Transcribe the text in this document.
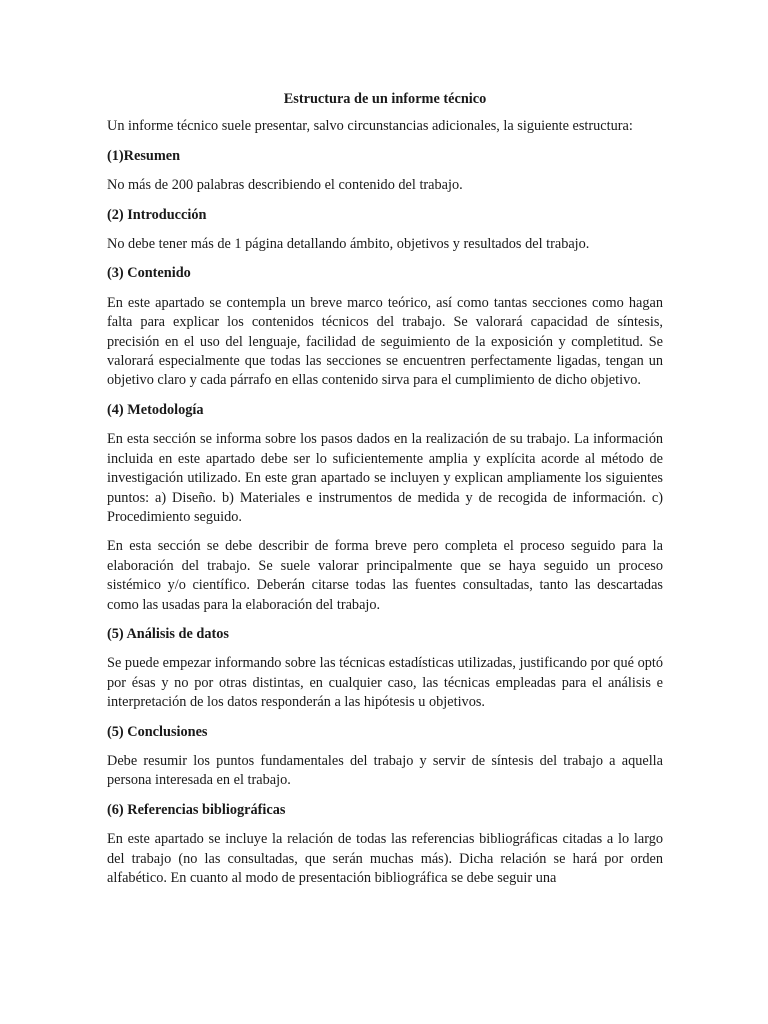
Estructura de un informe técnico
Un informe técnico suele presentar, salvo circunstancias adicionales, la siguiente estructura:
(1)Resumen

No más de 200 palabras describiendo el contenido del trabajo.

(2) Introducción

No debe tener más de 1 página detallando ámbito, objetivos y resultados del trabajo.

(3) Contenido

En este apartado se contempla un breve marco teórico, así como tantas secciones como hagan falta para explicar los contenidos técnicos del trabajo. Se valorará capacidad de síntesis, precisión en el uso del lenguaje, facilidad de seguimiento de la exposición y completitud. Se valorará especialmente que todas las secciones se encuentren perfectamente ligadas, tengan un objetivo claro y cada párrafo en ellas contenido sirva para el cumplimiento de dicho objetivo.

(4) Metodología

En esta sección se informa sobre los pasos dados en la realización de su trabajo. La información incluida en este apartado debe ser lo suficientemente amplia y explícita acorde al método de investigación utilizado. En este gran apartado se incluyen y explican ampliamente los siguientes puntos: a) Diseño. b) Materiales e instrumentos de medida y de recogida de información. c) Procedimiento seguido.

En esta sección se debe describir de forma breve pero completa el proceso seguido para la elaboración del trabajo. Se suele valorar principalmente que se haya seguido un proceso sistémico y/o científico. Deberán citarse todas las fuentes consultadas, tanto las descartadas como las usadas para la elaboración del trabajo.

(5) Análisis de datos

Se puede empezar informando sobre las técnicas estadísticas utilizadas, justificando por qué optó por ésas y no por otras distintas, en cualquier caso, las técnicas empleadas para el análisis e interpretación de los datos responderán a las hipótesis u objetivos.

(5) Conclusiones

Debe resumir los puntos fundamentales del trabajo y servir de síntesis del trabajo a aquella persona interesada en el trabajo.

(6) Referencias bibliográficas

En este apartado se incluye la relación de todas las referencias bibliográficas citadas a lo largo del trabajo (no las consultadas, que serán muchas más). Dicha relación se hará por orden alfabético. En cuanto al modo de presentación bibliográfica se debe seguir una
